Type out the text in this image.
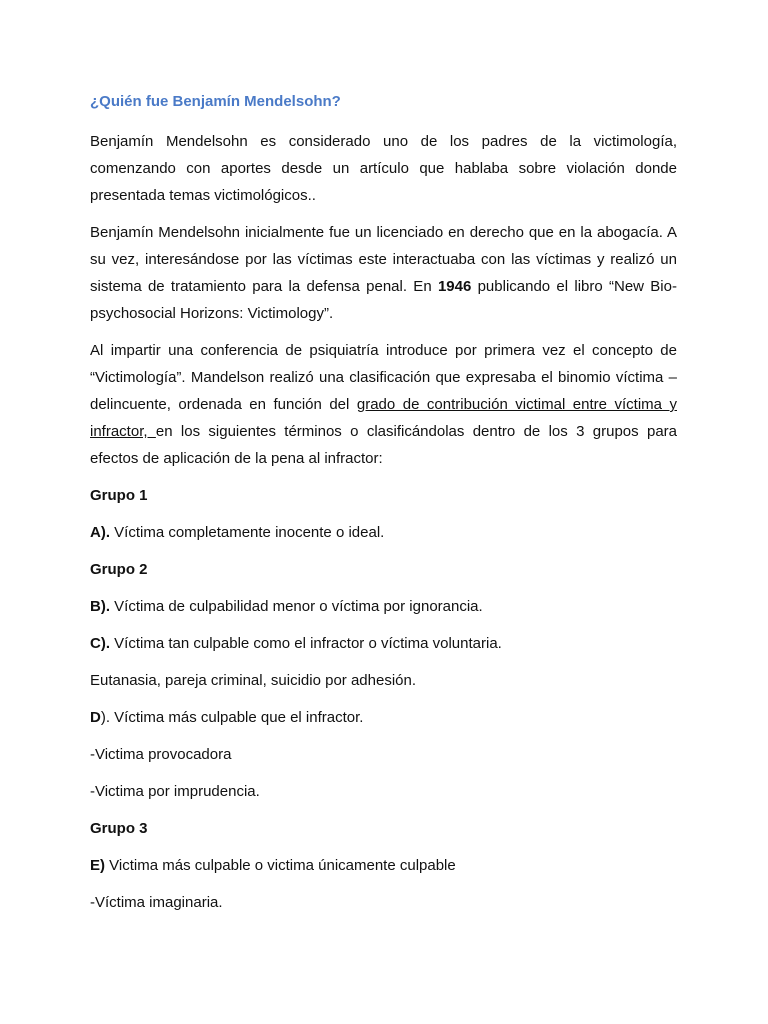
¿Quién fue Benjamín Mendelsohn?

Benjamín Mendelsohn es considerado uno de los padres de la victimología, comenzando con aportes desde un artículo que hablaba sobre violación donde presentada temas victimológicos..

Benjamín Mendelsohn inicialmente fue un licenciado en derecho que en la abogacía. A su vez, interesándose por las víctimas este interactuaba con las víctimas y realizó un sistema de tratamiento para la defensa penal. En 1946 publicando el libro “New Bio-psychosocial Horizons: Victimology”.

Al impartir una conferencia de psiquiatría introduce por primera vez el concepto de “Victimología”. Mandelson realizó una clasificación que expresaba el binomio víctima – delincuente, ordenada en función del grado de contribución victimal entre víctima y infractor, en los siguientes términos o clasificándolas dentro de los 3 grupos para efectos de aplicación de la pena al infractor:

Grupo 1

A). Víctima completamente inocente o ideal.

Grupo 2

B). Víctima de culpabilidad menor o víctima por ignorancia.

C). Víctima tan culpable como el infractor o víctima voluntaria.

Eutanasia, pareja criminal, suicidio por adhesión.

D). Víctima más culpable que el infractor.

-Victima provocadora

-Victima por imprudencia.

Grupo 3

E) Victima más culpable o victima únicamente culpable

-Víctima imaginaria.
